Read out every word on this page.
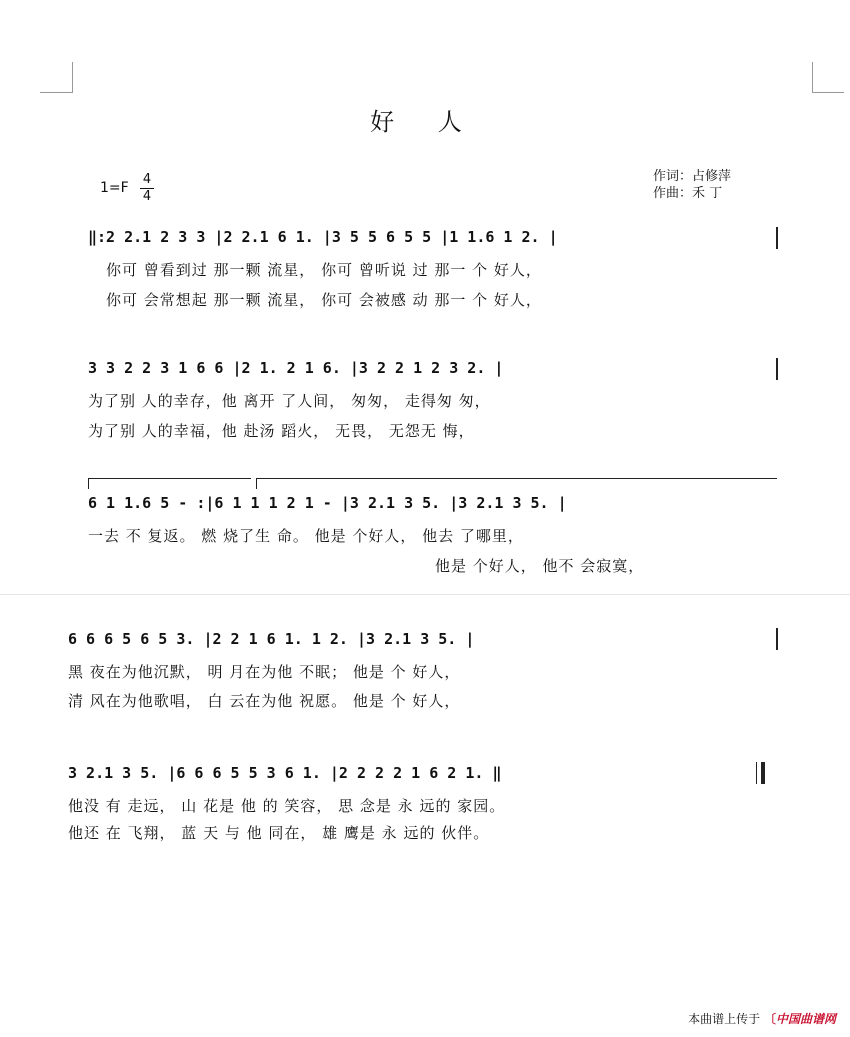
好 人
1=F
4
4
作词：占修萍
作曲：禾 丁
‖:2 2.1 2 3 3 |2 2.1 6 1. |3 5 5 6 5 5 |1 1.6 1 2. |
你可 曾看到过 那一颗 流星， 你可 曾听说 过 那一 个 好人，
你可 会常想起 那一颗 流星， 你可 会被感 动 那一 个 好人，
3 3 2 2 3 1 6 6 |2 1. 2 1 6. |3 2 2 1 2 3 2. |
为了别 人的幸存，他 离开 了人间， 匆匆， 走得匆 匆，
为了别 人的幸福，他 赴汤 蹈火， 无畏， 无怨无 悔，
6 1 1.6 5 - :|6 1 1 1 2 1 - |3 2.1 3 5. |3 2.1 3 5. |
一去 不 复返。 燃 烧了生 命。 他是 个好人， 他去 了哪里，
他是 个好人， 他不 会寂寞，
6 6 6 5 6 5 3. |2 2 1 6 1. 1 2. |3 2.1 3 5. |
黑 夜在为他沉默， 明 月在为他 不眠； 他是 个 好人，
清 风在为他歌唱， 白 云在为他 祝愿。 他是 个 好人，
3 2.1 3 5. |6 6 6 5 5 3 6 1. |2 2 2 2 1 6 2 1. ‖
他没 有 走远， 山 花是 他 的 笑容， 思 念是 永 远的 家园。
他还 在 飞翔， 蓝 天 与 他 同在， 雄 鹰是 永 远的 伙伴。
本曲谱上传于 〔中国曲谱网
